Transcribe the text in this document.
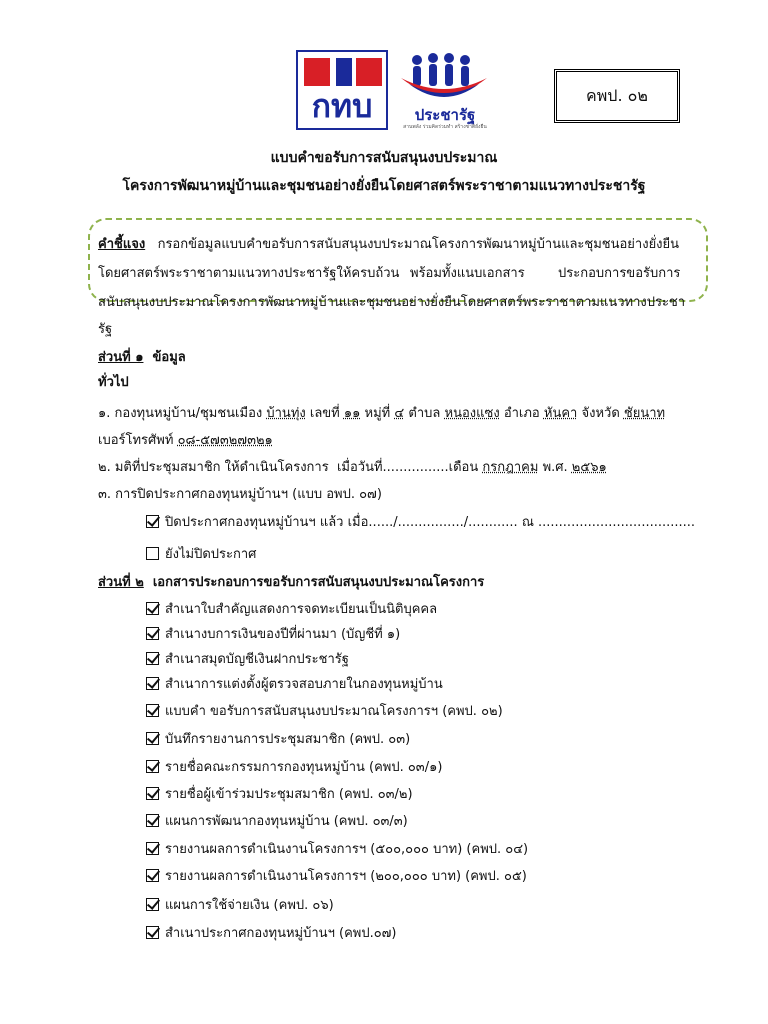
กทบ	ประชารัฐ
สานพลัง ร่วมคิดร่วมทำ สร้างชาติยั่งยืน
คพป. ๐๒
แบบคำขอรับการสนับสนุนงบประมาณ
โครงการพัฒนาหมู่บ้านและชุมชนอย่างยั่งยืนโดยศาสตร์พระราชาตามแนวทางประชารัฐ
คำชี้แจง กรอกข้อมูลแบบคำขอรับการสนับสนุนงบประมาณโครงการพัฒนาหมู่บ้านและชุมชนอย่างยั่งยืน
โดยศาสตร์พระราชาตามแนวทางประชารัฐให้ครบถ้วน พร้อมทั้งแนบเอกสาร	ประกอบการขอรับการ
สนับสนุนงบประมาณโครงการพัฒนาหมู่บ้านและชุมชนอย่างยั่งยืนโดยศาสตร์พระราชาตามแนวทางประชา
รัฐ
ส่วนที่ ๑ ข้อมูล
ทั่วไป
๑. กองทุนหมู่บ้าน/ชุมชนเมือง บ้านทุ่ง เลขที่ ๑๑ หมู่ที่ ๔ ตำบล หนองแซง อำเภอ หันคา จังหวัด ชัยนาท
เบอร์โทรศัพท์ ๐๘-๕๗๓๒๗๓๒๑
๒. มติที่ประชุมสมาชิก ให้ดำเนินโครงการ เมื่อวันที่................เดือน กรกฎาคม พ.ศ. ๒๕๖๑
๓. การปิดประกาศกองทุนหมู่บ้านฯ (แบบ อพป. ๐๗)
ปิดประกาศกองทุนหมู่บ้านฯ แล้ว เมื่อ....../................/............ ณ ......................................
ยังไม่ปิดประกาศ
ส่วนที่ ๒ เอกสารประกอบการขอรับการสนับสนุนงบประมาณโครงการ
สำเนาใบสำคัญแสดงการจดทะเบียนเป็นนิติบุคคล
สำเนางบการเงินของปีที่ผ่านมา (บัญชีที่ ๑)
สำเนาสมุดบัญชีเงินฝากประชารัฐ
สำเนาการแต่งตั้งผู้ตรวจสอบภายในกองทุนหมู่บ้าน
แบบคำ ขอรับการสนับสนุนงบประมาณโครงการฯ (คพป. ๐๒)
บันทึกรายงานการประชุมสมาชิก (คพป. ๐๓)
รายชื่อคณะกรรมการกองทุนหมู่บ้าน (คพป. ๐๓/๑)
รายชื่อผู้เข้าร่วมประชุมสมาชิก (คพป. ๐๓/๒)
แผนการพัฒนากองทุนหมู่บ้าน (คพป. ๐๓/๓)
รายงานผลการดำเนินงานโครงการฯ (๕๐๐,๐๐๐ บาท) (คพป. ๐๔)
รายงานผลการดำเนินงานโครงการฯ (๒๐๐,๐๐๐ บาท) (คพป. ๐๕)
แผนการใช้จ่ายเงิน (คพป. ๐๖)
สำเนาประกาศกองทุนหมู่บ้านฯ (คพป.๐๗)
